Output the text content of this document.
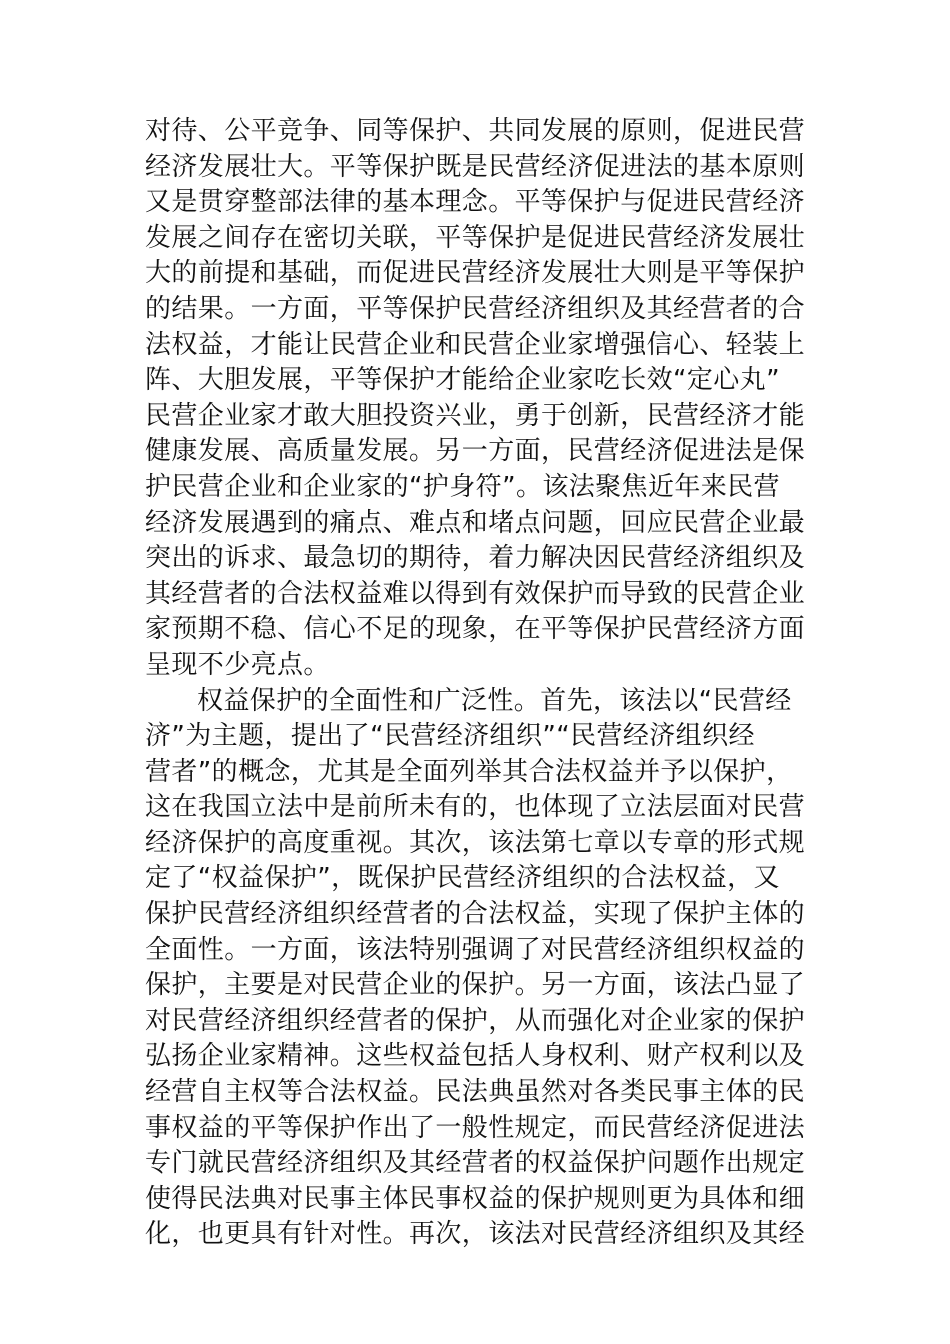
对待、公平竞争、同等保护、共同发展的原则，促进民营
经济发展壮大。平等保护既是民营经济促进法的基本原则
又是贯穿整部法律的基本理念。平等保护与促进民营经济
发展之间存在密切关联，平等保护是促进民营经济发展壮
大的前提和基础，而促进民营经济发展壮大则是平等保护
的结果。一方面，平等保护民营经济组织及其经营者的合
法权益，才能让民营企业和民营企业家增强信心、轻装上
阵、大胆发展，平等保护才能给企业家吃长效“定心丸”
民营企业家才敢大胆投资兴业，勇于创新，民营经济才能
健康发展、高质量发展。另一方面，民营经济促进法是保
护民营企业和企业家的“护身符”。该法聚焦近年来民营
经济发展遇到的痛点、难点和堵点问题，回应民营企业最
突出的诉求、最急切的期待，着力解决因民营经济组织及
其经营者的合法权益难以得到有效保护而导致的民营企业
家预期不稳、信心不足的现象，在平等保护民营经济方面
呈现不少亮点。
权益保护的全面性和广泛性。首先，该法以“民营经
济”为主题，提出了“民营经济组织”“民营经济组织经
营者”的概念，尤其是全面列举其合法权益并予以保护，
这在我国立法中是前所未有的，也体现了立法层面对民营
经济保护的高度重视。其次，该法第七章以专章的形式规
定了“权益保护”，既保护民营经济组织的合法权益，又
保护民营经济组织经营者的合法权益，实现了保护主体的
全面性。一方面，该法特别强调了对民营经济组织权益的
保护，主要是对民营企业的保护。另一方面，该法凸显了
对民营经济组织经营者的保护，从而强化对企业家的保护
弘扬企业家精神。这些权益包括人身权利、财产权利以及
经营自主权等合法权益。民法典虽然对各类民事主体的民
事权益的平等保护作出了一般性规定，而民营经济促进法
专门就民营经济组织及其经营者的权益保护问题作出规定
使得民法典对民事主体民事权益的保护规则更为具体和细
化，也更具有针对性。再次，该法对民营经济组织及其经
